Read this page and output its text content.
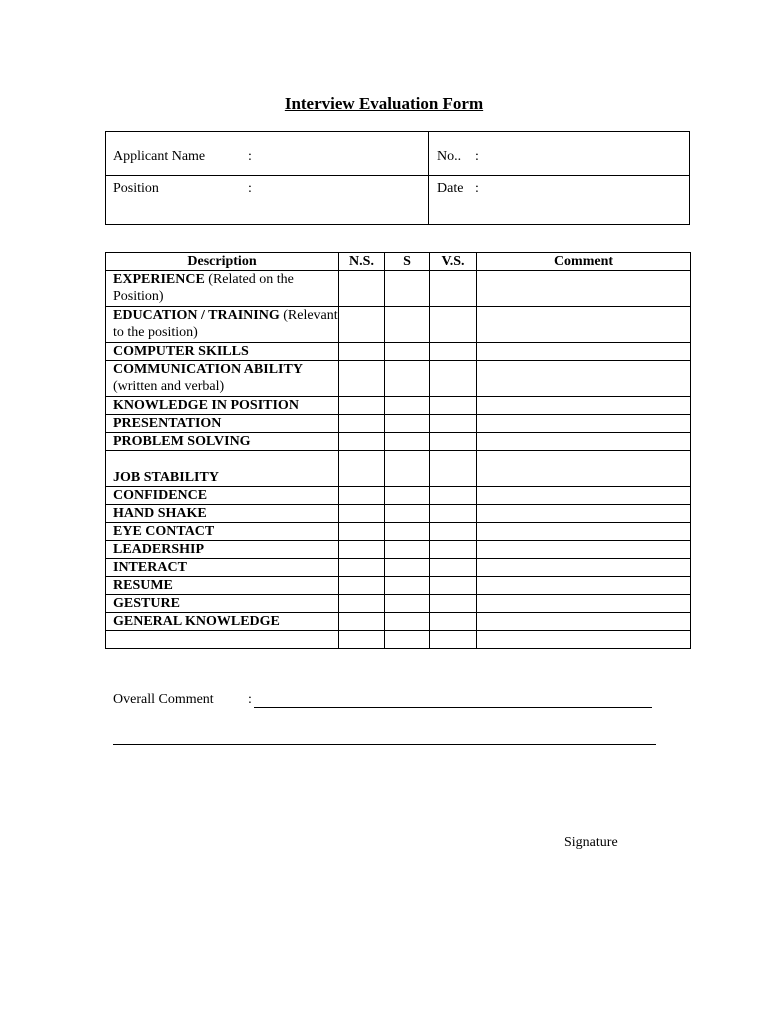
Interview Evaluation Form
Applicant Name	:
Position	:
No.. :
Date :
Description	N.S.	S	V.S.	Comment
EXPERIENCE (Related on the Position)				
EDUCATION / TRAINING (Relevant to the position)				
COMPUTER SKILLS				
COMMUNICATION ABILITY (written and verbal)				
KNOWLEDGE IN POSITION				
PRESENTATION				
PROBLEM SOLVING				
JOB STABILITY				
CONFIDENCE				
HAND SHAKE				
EYE CONTACT				
LEADERSHIP				
INTERACT				
RESUME				
GESTURE				
GENERAL KNOWLEDGE				

Overall Comment :
Signature
